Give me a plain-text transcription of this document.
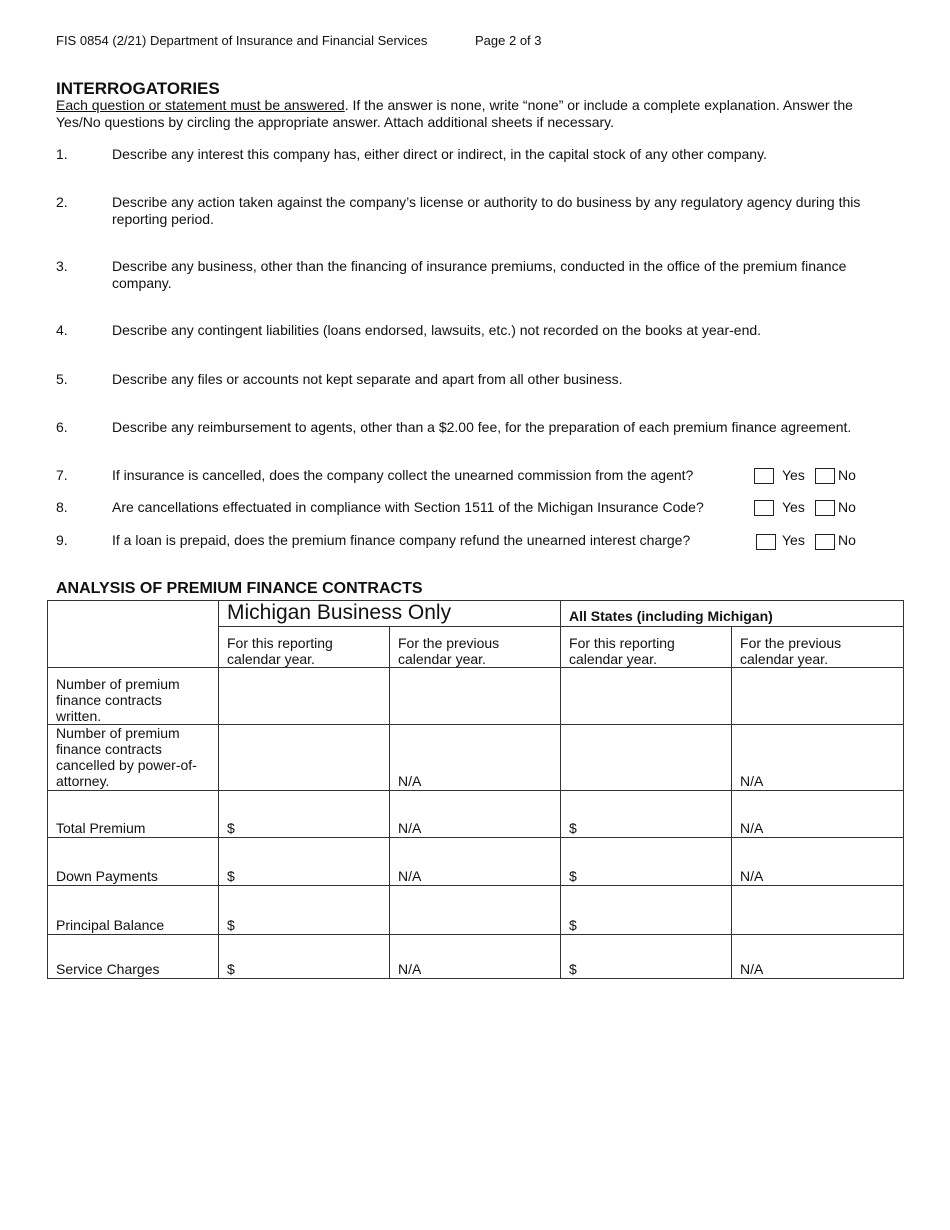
FIS 0854 (2/21) Department of Insurance and Financial Services	Page 2 of 3
INTERROGATORIES
Each question or statement must be answered. If the answer is none, write “none” or include a complete explanation. Answer the Yes/No questions by circling the appropriate answer. Attach additional sheets if necessary.
1.	Describe any interest this company has, either direct or indirect, in the capital stock of any other company.
2.	Describe any action taken against the company’s license or authority to do business by any regulatory agency during this reporting period.
3.	Describe any business, other than the financing of insurance premiums, conducted in the office of the premium finance company.
4.	Describe any contingent liabilities (loans endorsed, lawsuits, etc.) not recorded on the books at year-end.
5.	Describe any files or accounts not kept separate and apart from all other business.
6.	Describe any reimbursement to agents, other than a $2.00 fee, for the preparation of each premium finance agreement.
7.	If insurance is cancelled, does the company collect the unearned commission from the agent?	Yes No
8.	Are cancellations effectuated in compliance with Section 1511 of the Michigan Insurance Code?	Yes No
9.	If a loan is prepaid, does the premium finance company refund the unearned interest charge?	Yes No
ANALYSIS OF PREMIUM FINANCE CONTRACTS
	Michigan Business Only		All States (including Michigan)	
	For this reporting calendar year.	For the previous calendar year.	For this reporting calendar year.	For the previous calendar year.
Number of premium finance contracts written.				
Number of premium finance contracts cancelled by power-of-attorney.		N/A		N/A
Total Premium	$	N/A	$	N/A
Down Payments	$	N/A	$	N/A
Principal Balance	$		$	
Service Charges	$	N/A	$	N/A
